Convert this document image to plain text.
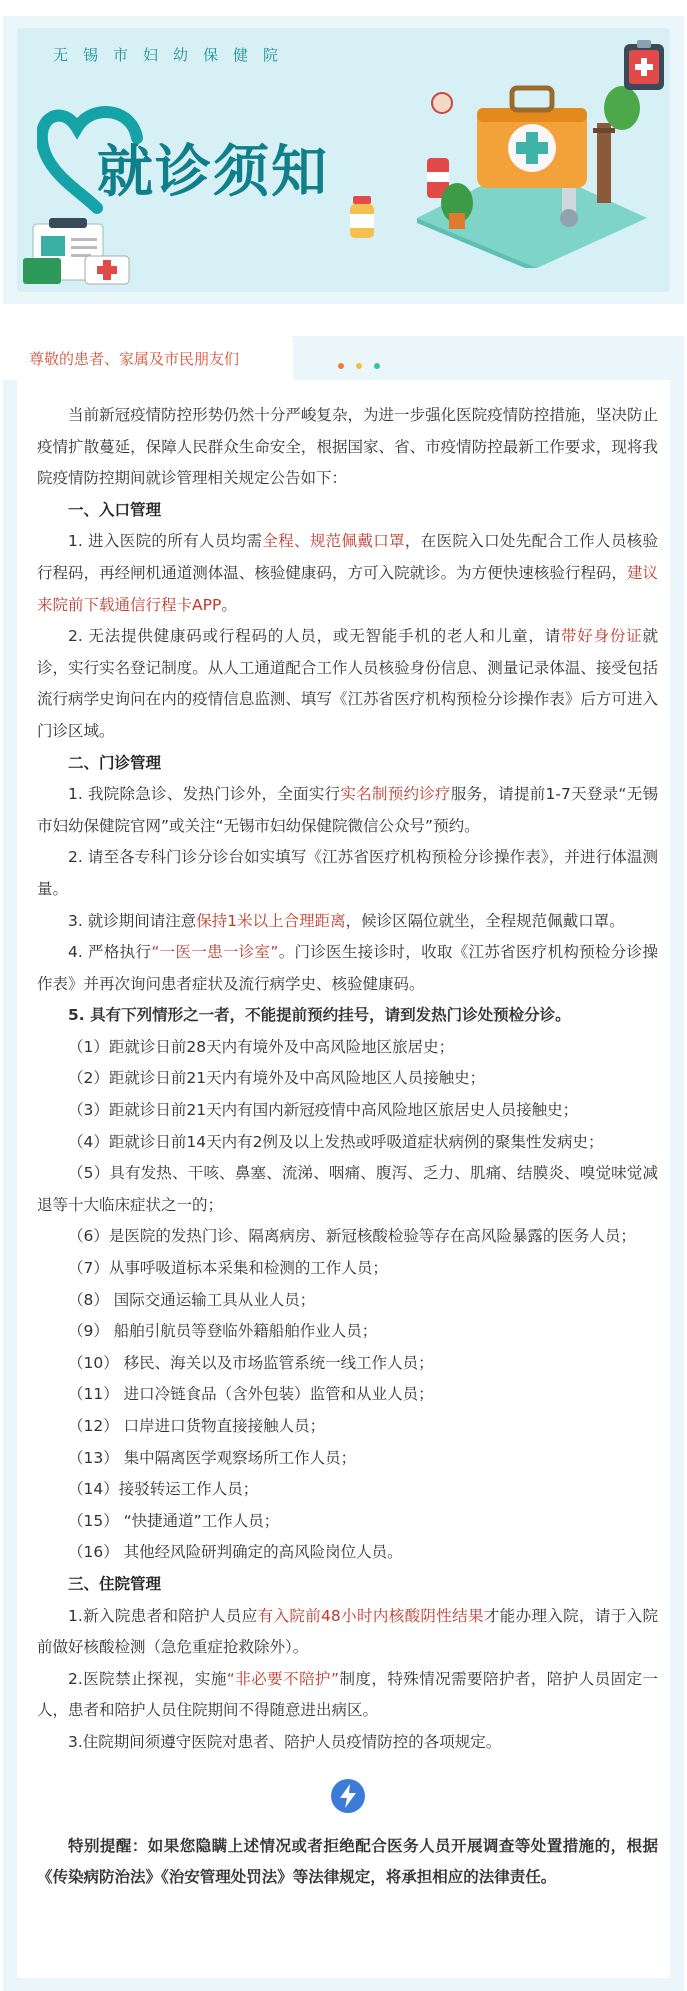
无锡市妇幼保健院
就诊须知
尊敬的患者、家属及市民朋友们

当前新冠疫情防控形势仍然十分严峻复杂，为进一步强化医院疫情防控措施，坚决防止疫情扩散蔓延，保障人民群众生命安全，根据国家、省、市疫情防控最新工作要求，现将我院疫情防控期间就诊管理相关规定公告如下：

一、入口管理

1. 进入医院的所有人员均需全程、规范佩戴口罩，在医院入口处先配合工作人员核验行程码，再经闸机通道测体温、核验健康码，方可入院就诊。为方便快速核验行程码，建议来院前下载通信行程卡APP。

2. 无法提供健康码或行程码的人员，或无智能手机的老人和儿童，请带好身份证就诊，实行实名登记制度。从人工通道配合工作人员核验身份信息、测量记录体温、接受包括流行病学史询问在内的疫情信息监测、填写《江苏省医疗机构预检分诊操作表》后方可进入门诊区域。

二、门诊管理

1. 我院除急诊、发热门诊外，全面实行实名制预约诊疗服务，请提前1-7天登录“无锡市妇幼保健院官网”或关注“无锡市妇幼保健院微信公众号”预约。

2. 请至各专科门诊分诊台如实填写《江苏省医疗机构预检分诊操作表》，并进行体温测量。

3. 就诊期间请注意保持1米以上合理距离，候诊区隔位就坐，全程规范佩戴口罩。

4. 严格执行“一医一患一诊室”。门诊医生接诊时，收取《江苏省医疗机构预检分诊操作表》并再次询问患者症状及流行病学史、核验健康码。

5. 具有下列情形之一者，不能提前预约挂号，请到发热门诊处预检分诊。

（1）距就诊日前28天内有境外及中高风险地区旅居史；

（2）距就诊日前21天内有境外及中高风险地区人员接触史；

（3）距就诊日前21天内有国内新冠疫情中高风险地区旅居史人员接触史；

（4）距就诊日前14天内有2例及以上发热或呼吸道症状病例的聚集性发病史；

（5）具有发热、干咳、鼻塞、流涕、咽痛、腹泻、乏力、肌痛、结膜炎、嗅觉味觉减退等十大临床症状之一的；

（6）是医院的发热门诊、隔离病房、新冠核酸检验等存在高风险暴露的医务人员；

（7）从事呼吸道标本采集和检测的工作人员；

（8） 国际交通运输工具从业人员；

（9） 船舶引航员等登临外籍船舶作业人员；

（10） 移民、海关以及市场监管系统一线工作人员；

（11） 进口冷链食品（含外包装）监管和从业人员；

（12） 口岸进口货物直接接触人员；

（13） 集中隔离医学观察场所工作人员；

（14）接驳转运工作人员；

（15） “快捷通道”工作人员；

（16） 其他经风险研判确定的高风险岗位人员。

三、住院管理

1.新入院患者和陪护人员应有入院前48小时内核酸阴性结果才能办理入院，请于入院前做好核酸检测（急危重症抢救除外）。

2.医院禁止探视，实施“非必要不陪护”制度，特殊情况需要陪护者，陪护人员固定一人，患者和陪护人员住院期间不得随意进出病区。

3.住院期间须遵守医院对患者、陪护人员疫情防控的各项规定。

特别提醒：如果您隐瞒上述情况或者拒绝配合医务人员开展调查等处置措施的，根据《传染病防治法》《治安管理处罚法》等法律规定，将承担相应的法律责任。
